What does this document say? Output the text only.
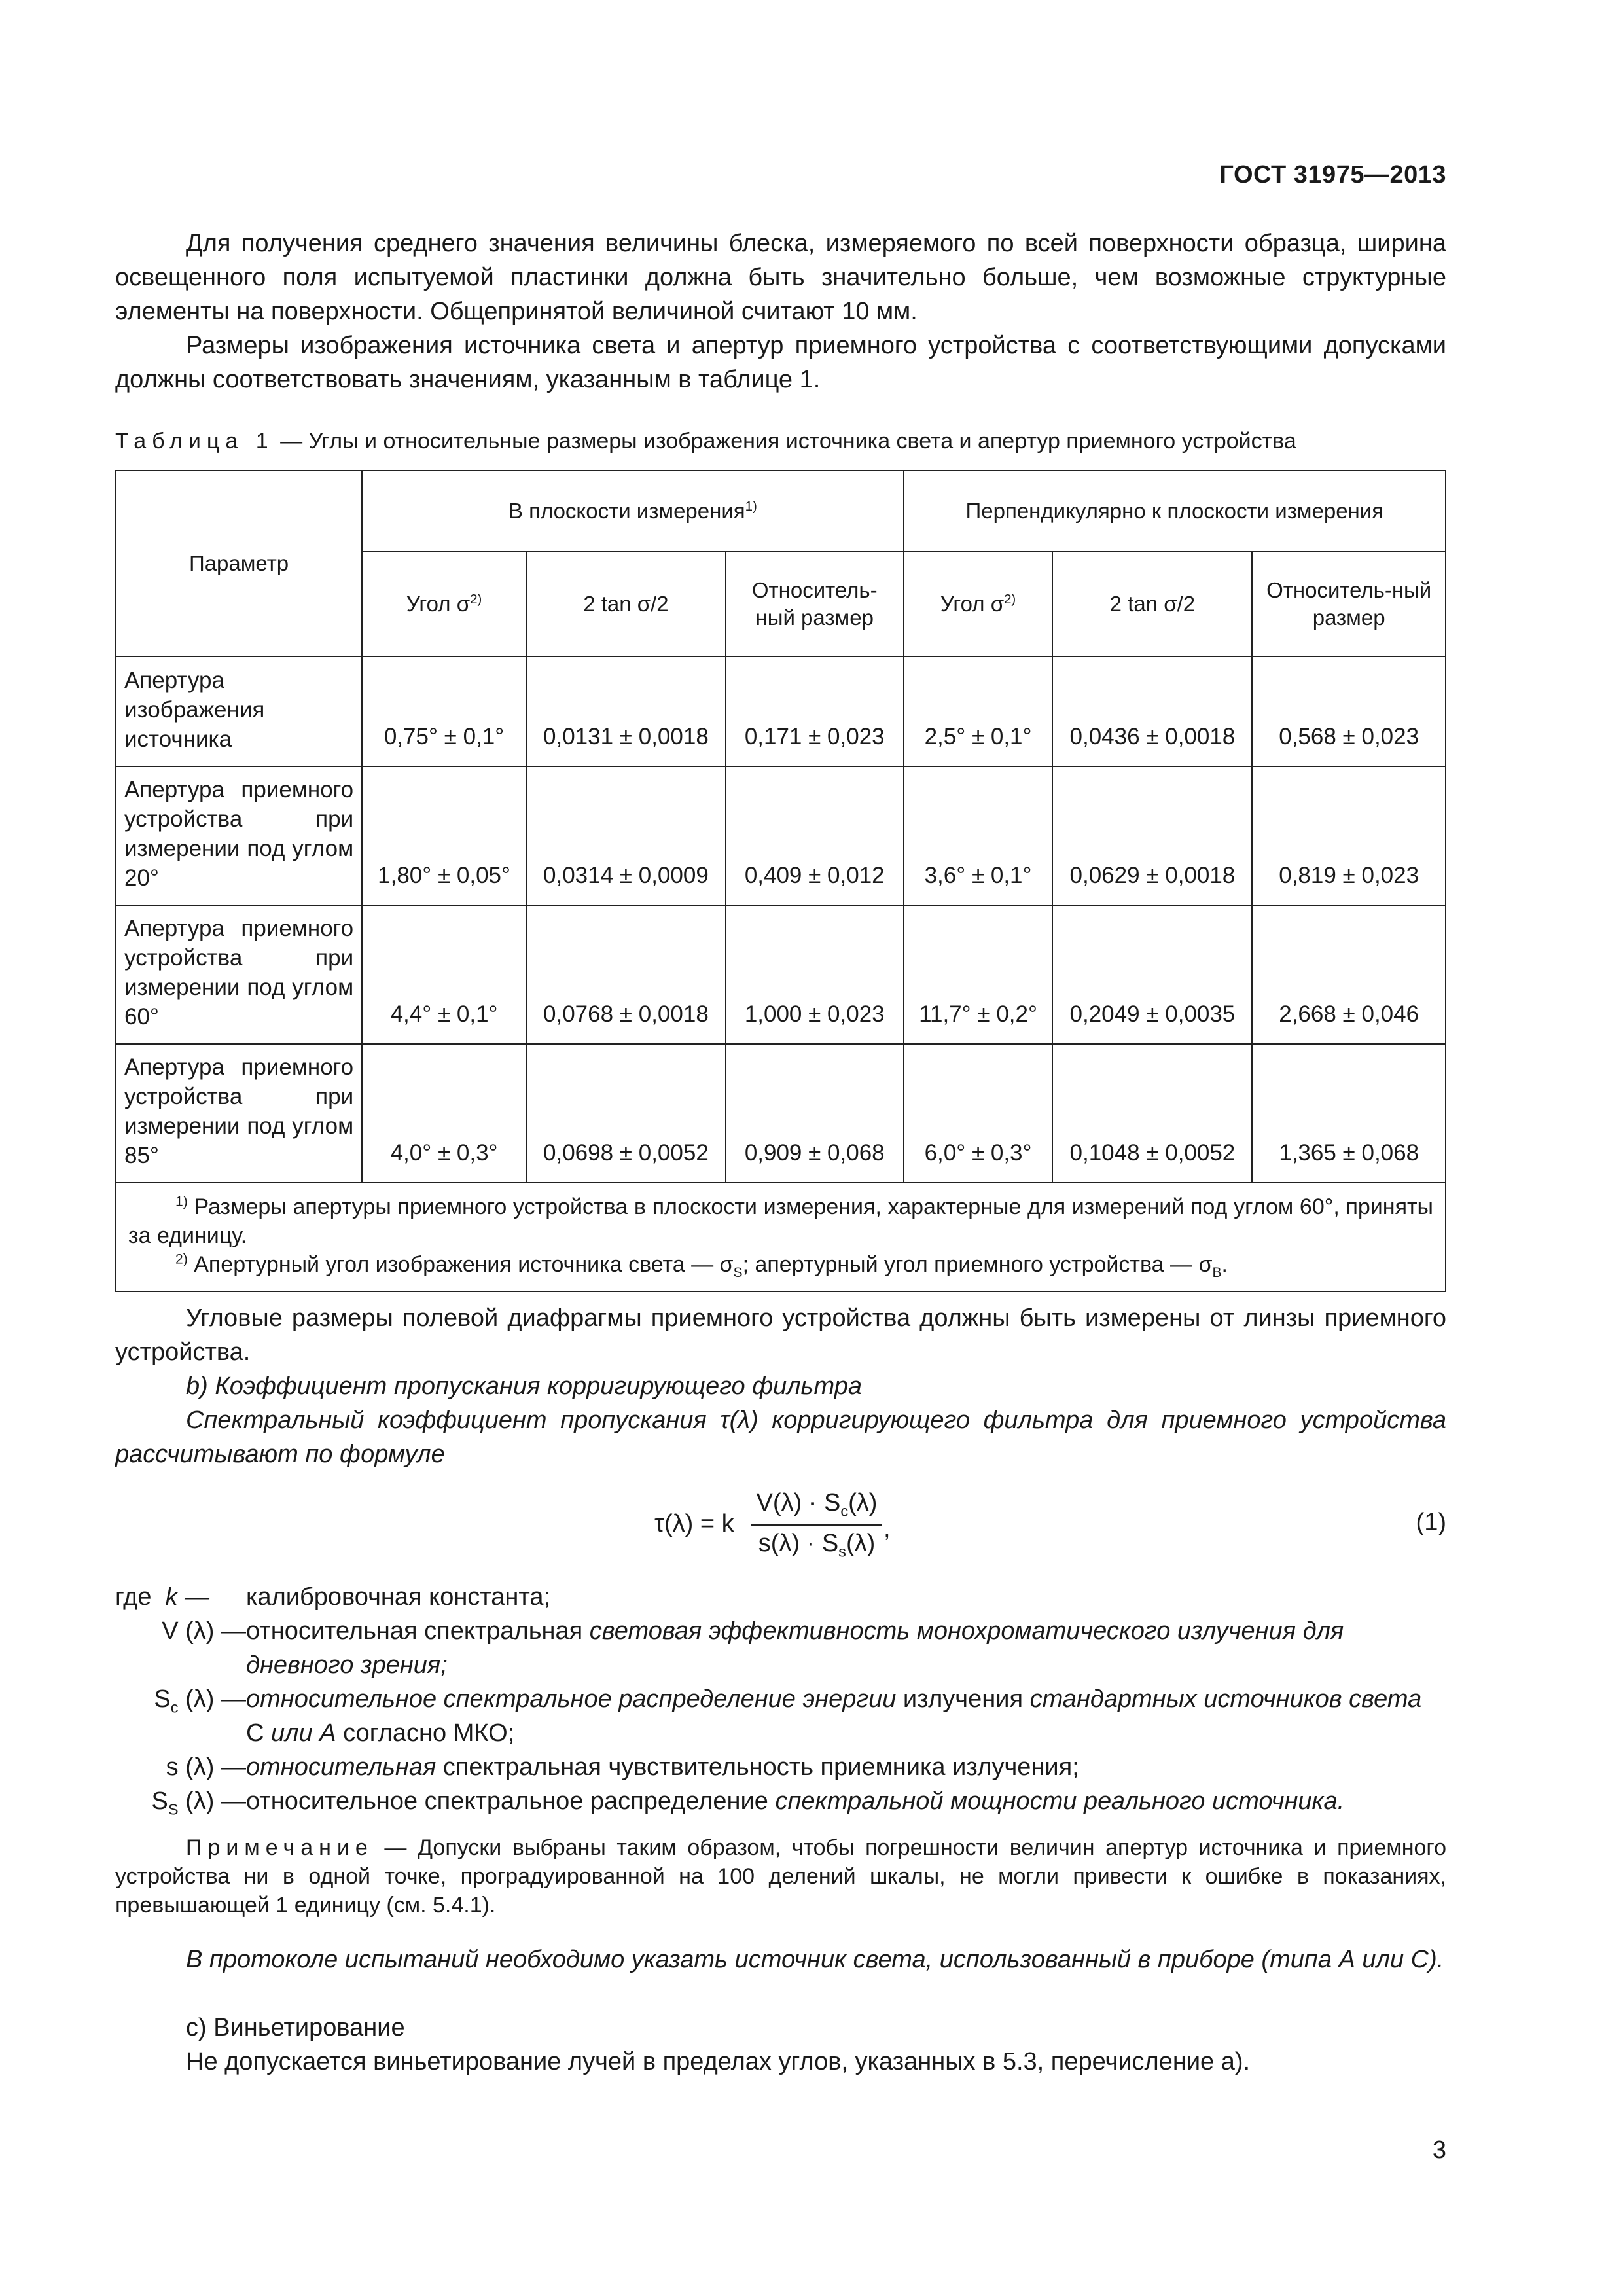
ГОСТ 31975—2013
Для получения среднего значения величины блеска, измеряемого по всей поверхности образца, ширина освещенного поля испытуемой пластинки должна быть значительно больше, чем возможные структурные элементы на поверхности. Общепринятой величиной считают 10 мм.
Размеры изображения источника света и апертур приемного устройства с соответствующими допусками должны соответствовать значениям, указанным в таблице 1.
Таблица 1 — Углы и относительные размеры изображения источника света и апертур приемного устройства
Параметр	В плоскости измерения$^{1)}$			Перпендикулярно к плоскости измерения		
	Угол $\sigma^{2)}$	2 tan σ/2	Относитель-ный размер	Угол $\sigma^{2)}$	2 tan σ/2	Относитель-ный размер
Апертура изображения источника	0,75° ± 0,1°	0,0131 ± 0,0018	0,171 ± 0,023	2,5° ± 0,1°	0,0436 ± 0,0018	0,568 ± 0,023
Апертура приемного устройства при измерении под углом 20°	1,80° ± 0,05°	0,0314 ± 0,0009	0,409 ± 0,012	3,6° ± 0,1°	0,0629 ± 0,0018	0,819 ± 0,023
Апертура приемного устройства при измерении под углом 60°	4,4° ± 0,1°	0,0768 ± 0,0018	1,000 ± 0,023	11,7° ± 0,2°	0,2049 ± 0,0035	2,668 ± 0,046
Апертура приемного устройства при измерении под углом 85°	4,0° ± 0,3°	0,0698 ± 0,0052	0,909 ± 0,068	6,0° ± 0,3°	0,1048 ± 0,0052	1,365 ± 0,068

$^{1)}$ Размеры апертуры приемного устройства в плоскости измерения, характерные для измерений под углом 60°, приняты за единицу.
$^{2)}$ Апертурный угол изображения источника света — $\sigma_S$; апертурный угол приемного устройства — $\sigma_B$.						
Угловые размеры полевой диафрагмы приемного устройства должны быть измерены от линзы приемного устройства.
b) Коэффициент пропускания корригирующего фильтра
Спектральный коэффициент пропускания τ(λ) корригирующего фильтра для приемного устройства рассчитывают по формуле
τ(λ) = k
$V(\lambda) \cdot S_c(\lambda)$
$s(\lambda) \cdot S_s(\lambda)$
,	(1)
где k —	калибровочная константа;
V (λ) — относительная спектральная световая эффективность монохроматического излучения для дневного зрения;
$S_c$ (λ) — относительное спектральное распределение энергии излучения стандартных источников света С или А согласно МКО;
s (λ) — относительная спектральная чувствительность приемника излучения;
$S_S$ (λ) — относительное спектральное распределение спектральной мощности реального источника.
Примечание — Допуски выбраны таким образом, чтобы погрешности величин апертур источника и приемного устройства ни в одной точке, проградуированной на 100 делений шкалы, не могли привести к ошибке в показаниях, превышающей 1 единицу (см. 5.4.1).
В протоколе испытаний необходимо указать источник света, использованный в приборе (типа А или С).
c) Виньетирование
Не допускается виньетирование лучей в пределах углов, указанных в 5.3, перечисление а).
3
